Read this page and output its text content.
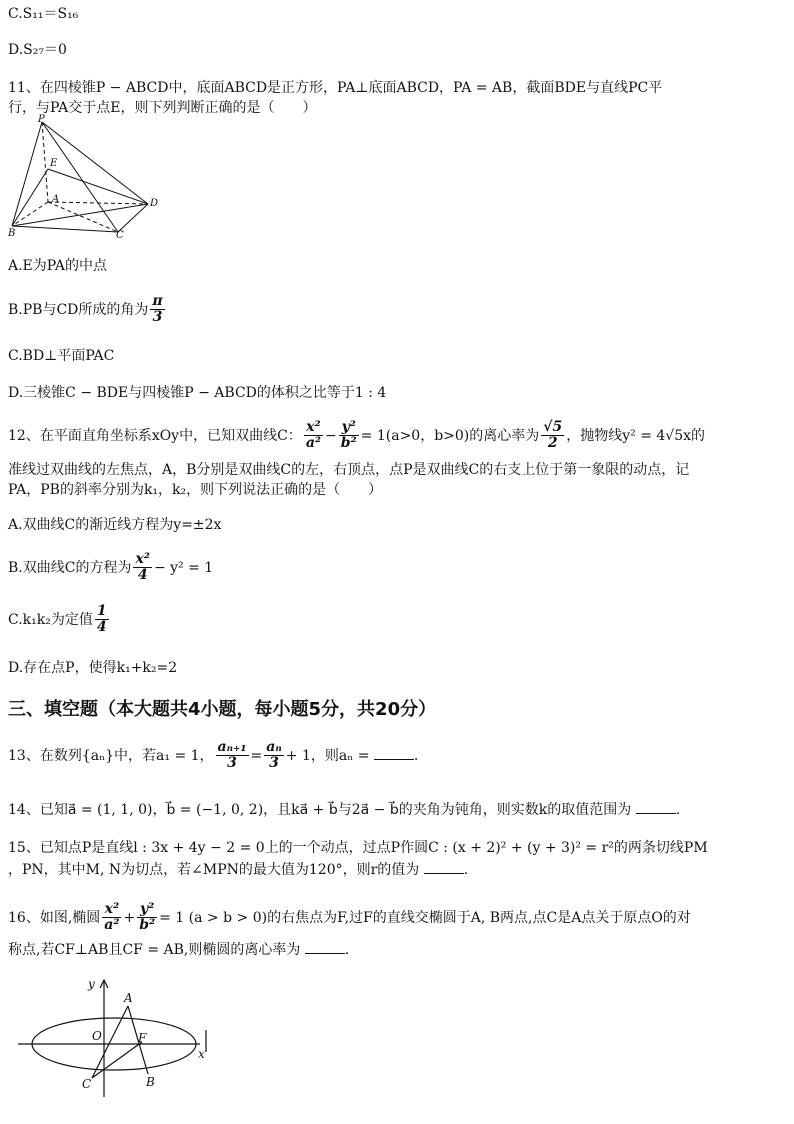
C.S₁₁＝S₁₆
D.S₂₇＝0
11、在四棱锥P − ABCD中，底面ABCD是正方形，PA⊥底面ABCD，PA = AB，截面BDE与直线PC平
行，与PA交于点E，则下列判断正确的是（　　）
P
E
A	D
B	C
A.E为PA的中点
B.PB与CD所成的角为 $\frac{\pi}{3}$
C.BD⊥平面PAC
D.三棱锥C − BDE与四棱锥P − ABCD的体积之比等于1 : 4
12、在平面直角坐标系xOy中，已知双曲线C： $\frac{\text{x²}}{\text{a²}} - \frac{\text{y²}}{\text{b²}} = 1(a>0$，b>0)的离心率为 $\frac{√5}{2}$ ，抛物线y² = 4√5x的
准线过双曲线的左焦点，A，B分别是双曲线C的左，右顶点，点P是双曲线C的右支上位于第一象限的动点，记
PA，PB的斜率分别为k₁，k₂，则下列说法正确的是（　　）
A.双曲线C的渐近线方程为y=±2x
B.双曲线C的方程为 $\frac{\text{x²}}{4} - y^2 = 1$
C.k₁k₂为定值 $\frac{1}{4}$
D.存在点P，使得k₁+k₂=2
三、填空题（本大题共4小题，每小题5分，共20分）
13、在数列{aₙ}中，若a₁ = 1， $\frac{\text{aₙ₊₁}}{3} = \frac{\text{aₙ}}{3} + 1$，则aₙ =	.
14、已知a⃗ = (1, 1, 0)，b⃗ = (−1, 0, 2)，且ka⃗ + b⃗与2a⃗ − b⃗的夹角为钝角，则实数k的取值范围为	.
15、已知点P是直线l : 3x + 4y − 2 = 0上的一个动点，过点P作圆C : (x + 2)² + (y + 3)² = r²的两条切线PM
，PN，其中M, N为切点，若∠MPN的最大值为120°，则r的值为	.
16、如图,椭圆 $\frac{\text{x²}}{\text{a²}} + \frac{\text{y²}}{\text{b²}} = 1$ (a > b > 0)的右焦点为F,过F的直线交椭圆于A, B两点,点C是A点关于原点O的对
称点,若CF⊥AB且CF = AB,则椭圆的离心率为	.
y
A
O	F
x
C	B
